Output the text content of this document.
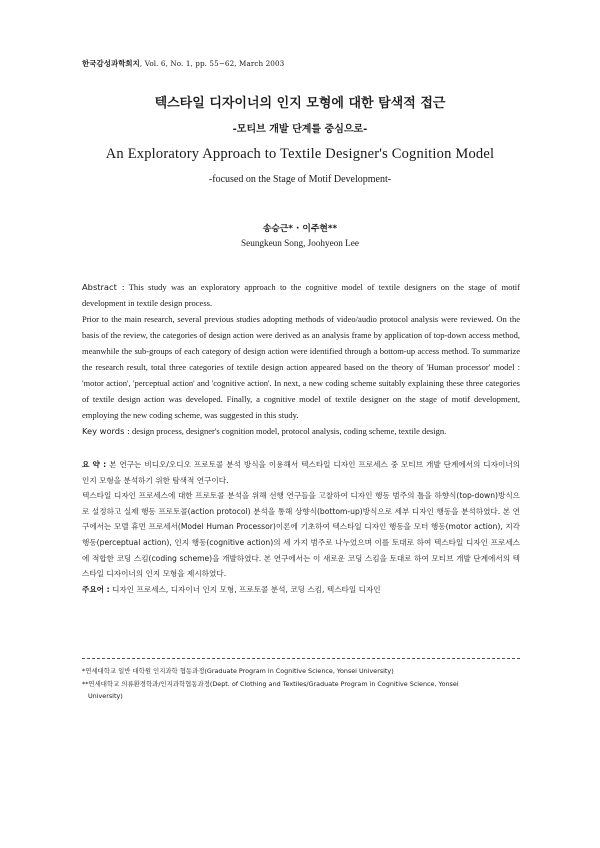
한국감성과학회지, Vol. 6, No. 1, pp. 55−62, March 2003
텍스타일 디자이너의 인지 모형에 대한 탐색적 접근
-모티브 개발 단계를 중심으로-
An Exploratory Approach to Textile Designer's Cognition Model
-focused on the Stage of Motif Development-
송승근* · 이주현**
Seungkeun Song, Joohyeon Lee

Abstract : This study was an exploratory approach to the cognitive model of textile designers on the stage of motif development in textile design process.

Prior to the main research, several previous studies adopting methods of video/audio protocol analysis were reviewed. On the basis of the review, the categories of design action were derived as an analysis frame by application of top-down access method, meanwhile the sub-groups of each category of design action were identified through a bottom-up access method. To summarize the research result, total three categories of textile design action appeared based on the theory of 'Human processor' model : 'motor action', 'perceptual action' and 'cognitive action'. In next, a new coding scheme suitably explaining these three categories of textile design action was developed. Finally, a cognitive model of textile designer on the stage of motif development, employing the new coding scheme, was suggested in this study.

Key words : design process, designer's cognition model, protocol analysis, coding scheme, textile design.

요 약 : 본 연구는 비디오/오디오 프로토콜 분석 방식을 이용해서 텍스타일 디자인 프로세스 중 모티브 개발 단계에서의 디자이너의 인지 모형을 분석하기 위한 탐색적 연구이다.

텍스타일 디자인 프로세스에 대한 프로토콜 분석을 위해 선행 연구들을 고찰하여 디자인 행동 범주의 틀을 하향식(top-down)방식으로 설정하고 실제 행동 프로토콜(action protocol) 분석을 통해 상향식(bottom-up)방식으로 세부 디자인 행동을 분석하였다. 본 연구에서는 모델 휴먼 프로세서(Model Human Processor)이론에 기초하여 텍스타일 디자인 행동을 모터 행동(motor action), 지각 행동(perceptual action), 인지 행동(cognitive action)의 세 가지 범주로 나누었으며 이를 토대로 하여 텍스타일 디자인 프로세스에 적합한 코딩 스킴(coding scheme)을 개발하였다. 본 연구에서는 이 새로운 코딩 스킴을 토대로 하여 모티브 개발 단계에서의 텍스타일 디자이너의 인지 모형을 제시하였다.

주요어 : 디자인 프로세스, 디자이너 인지 모형, 프로토콜 분석, 코딩 스킴, 텍스타일 디자인

*연세대학교 일반 대학원 인지과학 협동과정(Graduate Program in Cognitive Science, Yonsei University)

**연세대학교 의류환경학과/인지과학협동과정(Dept. of Clothing and Textiles/Graduate Program in Cognitive Science, Yonsei

University)
